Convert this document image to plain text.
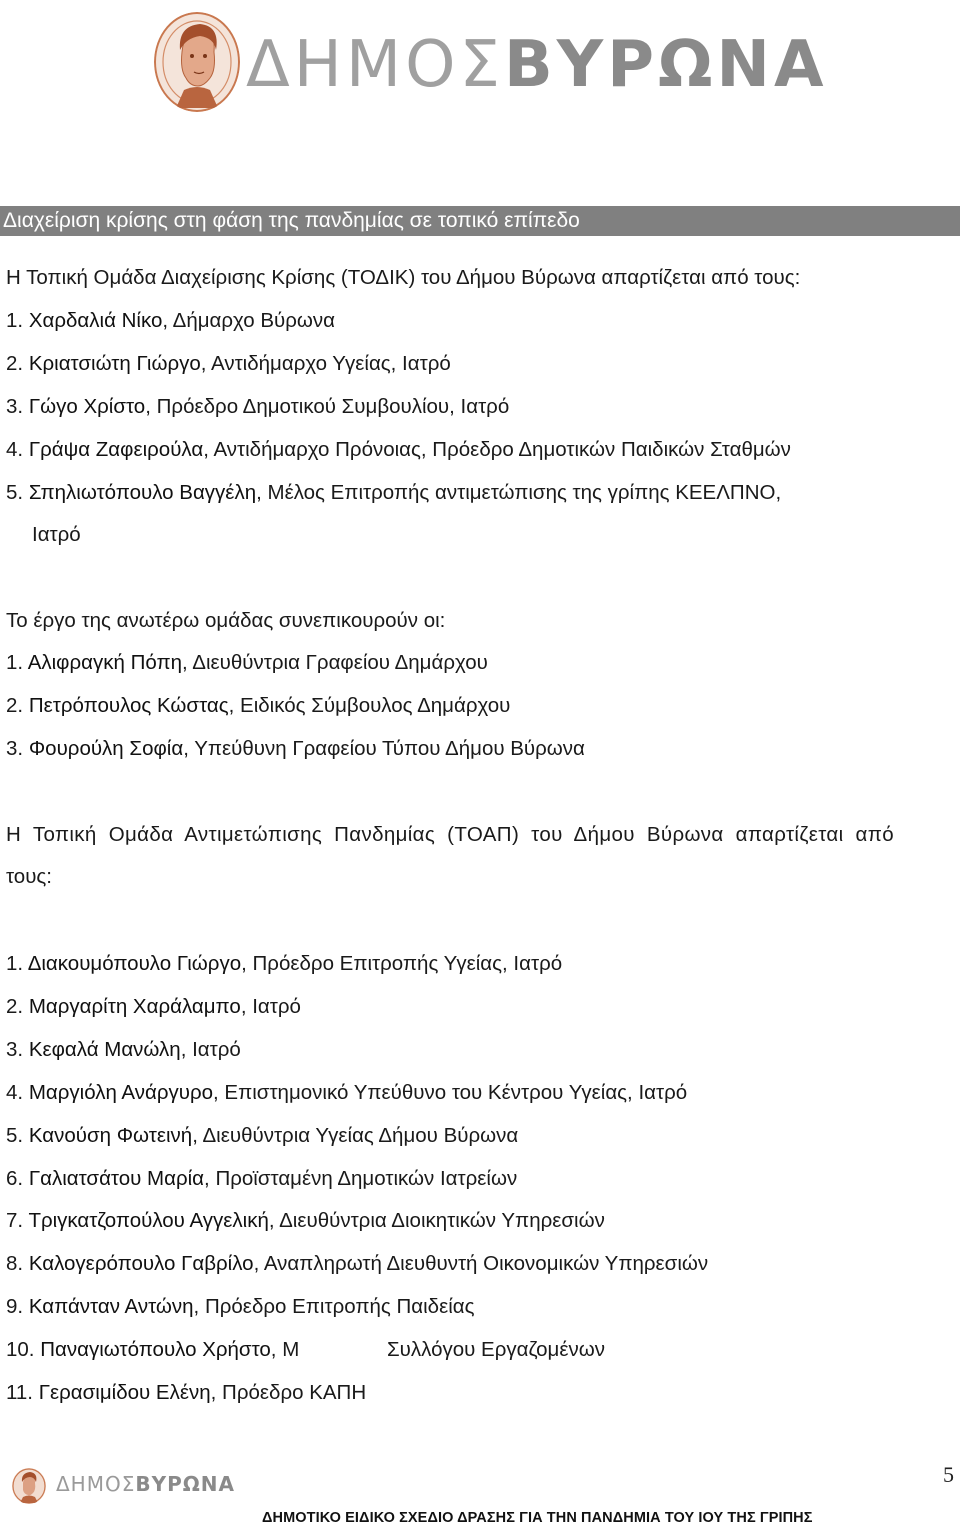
ΔΗΜΟΣΒΥΡΩΝΑ
Διαχείριση κρίσης στη φάση της πανδημίας σε τοπικό επίπεδο
Η Τοπική Ομάδα Διαχείρισης Κρίσης (ΤΟΔΙΚ) του Δήμου Βύρωνα απαρτίζεται από τους:
1. Χαρδαλιά Νίκο, Δήμαρχο Βύρωνα
2. Κριατσιώτη Γιώργο, Αντιδήμαρχο Υγείας, Ιατρό
3. Γώγο Χρίστο, Πρόεδρο Δημοτικού Συμβουλίου, Ιατρό
4. Γράψα Ζαφειρούλα, Αντιδήμαρχο Πρόνοιας, Πρόεδρο Δημοτικών Παιδικών Σταθμών
5. Σπηλιωτόπουλο Βαγγέλη, Μέλος Επιτροπής αντιμετώπισης της γρίπης ΚΕΕΛΠΝΟ,
Ιατρό
Το έργο της ανωτέρω ομάδας συνεπικουρούν οι:
1. Αλιφραγκή Πόπη, Διευθύντρια Γραφείου Δημάρχου
2. Πετρόπουλος Κώστας, Ειδικός Σύμβουλος Δημάρχου
3. Φουρούλη Σοφία, Υπεύθυνη Γραφείου Τύπου Δήμου Βύρωνα
Η Τοπική Ομάδα Αντιμετώπισης Πανδημίας (ΤΟΑΠ) του Δήμου Βύρωνα απαρτίζεται από
τους:
1. Διακουμόπουλο Γιώργο, Πρόεδρο Επιτροπής Υγείας, Ιατρό
2. Μαργαρίτη Χαράλαμπο, Ιατρό
3. Κεφαλά Μανώλη, Ιατρό
4. Μαργιόλη Ανάργυρο, Επιστημονικό Υπεύθυνο του Κέντρου Υγείας, Ιατρό
5. Κανούση Φωτεινή, Διευθύντρια Υγείας Δήμου Βύρωνα
6. Γαλιατσάτου Μαρία, Προϊσταμένη Δημοτικών Ιατρείων
7. Τριγκατζοπούλου Αγγελική, Διευθύντρια Διοικητικών Υπηρεσιών
8. Καλογερόπουλο Γαβρίλο, Αναπληρωτή Διευθυντή Οικονομικών Υπηρεσιών
9. Καπάνταν Αντώνη, Πρόεδρο Επιτροπής Παιδείας
10. Παναγιωτόπουλο Χρήστο, Μ	Συλλόγου Εργαζομένων
11. Γερασιμίδου Ελένη, Πρόεδρο ΚΑΠΗ
ΔΗΜΟΣΒΥΡΩΝΑ	5
ΔΗΜΟΤΙΚΟ ΕΙΔΙΚΟ ΣΧΕΔΙΟ ΔΡΑΣΗΣ ΓΙΑ ΤΗΝ ΠΑΝΔΗΜΙΑ ΤΟΥ ΙΟΥ ΤΗΣ ΓΡΙΠΗΣ
